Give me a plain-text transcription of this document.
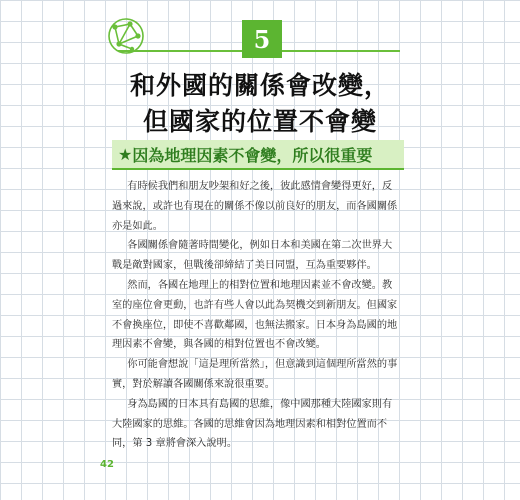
5
和外國的關係會改變，
但國家的位置不會變
★ 因為地理因素不會變，所以很重要

有時候我們和朋友吵架和好之後，彼此感情會變得更好，反過來說，或許也有現在的關係不像以前良好的朋友，而各國關係亦是如此。

各國關係會隨著時間變化，例如日本和美國在第二次世界大戰是敵對國家，但戰後卻締結了美日同盟，互為重要夥伴。

然而，各國在地理上的相對位置和地理因素並不會改變。教室的座位會更動，也許有些人會以此為契機交到新朋友。但國家不會換座位，即使不喜歡鄰國，也無法搬家。日本身為島國的地理因素不會變，與各國的相對位置也不會改變。

你可能會想說「這是理所當然」，但意識到這個理所當然的事實，對於解讀各國關係來說很重要。

身為島國的日本具有島國的思維，像中國那種大陸國家則有大陸國家的思維。各國的思維會因為地理因素和相對位置而不同，第 3 章將會深入說明。

42
